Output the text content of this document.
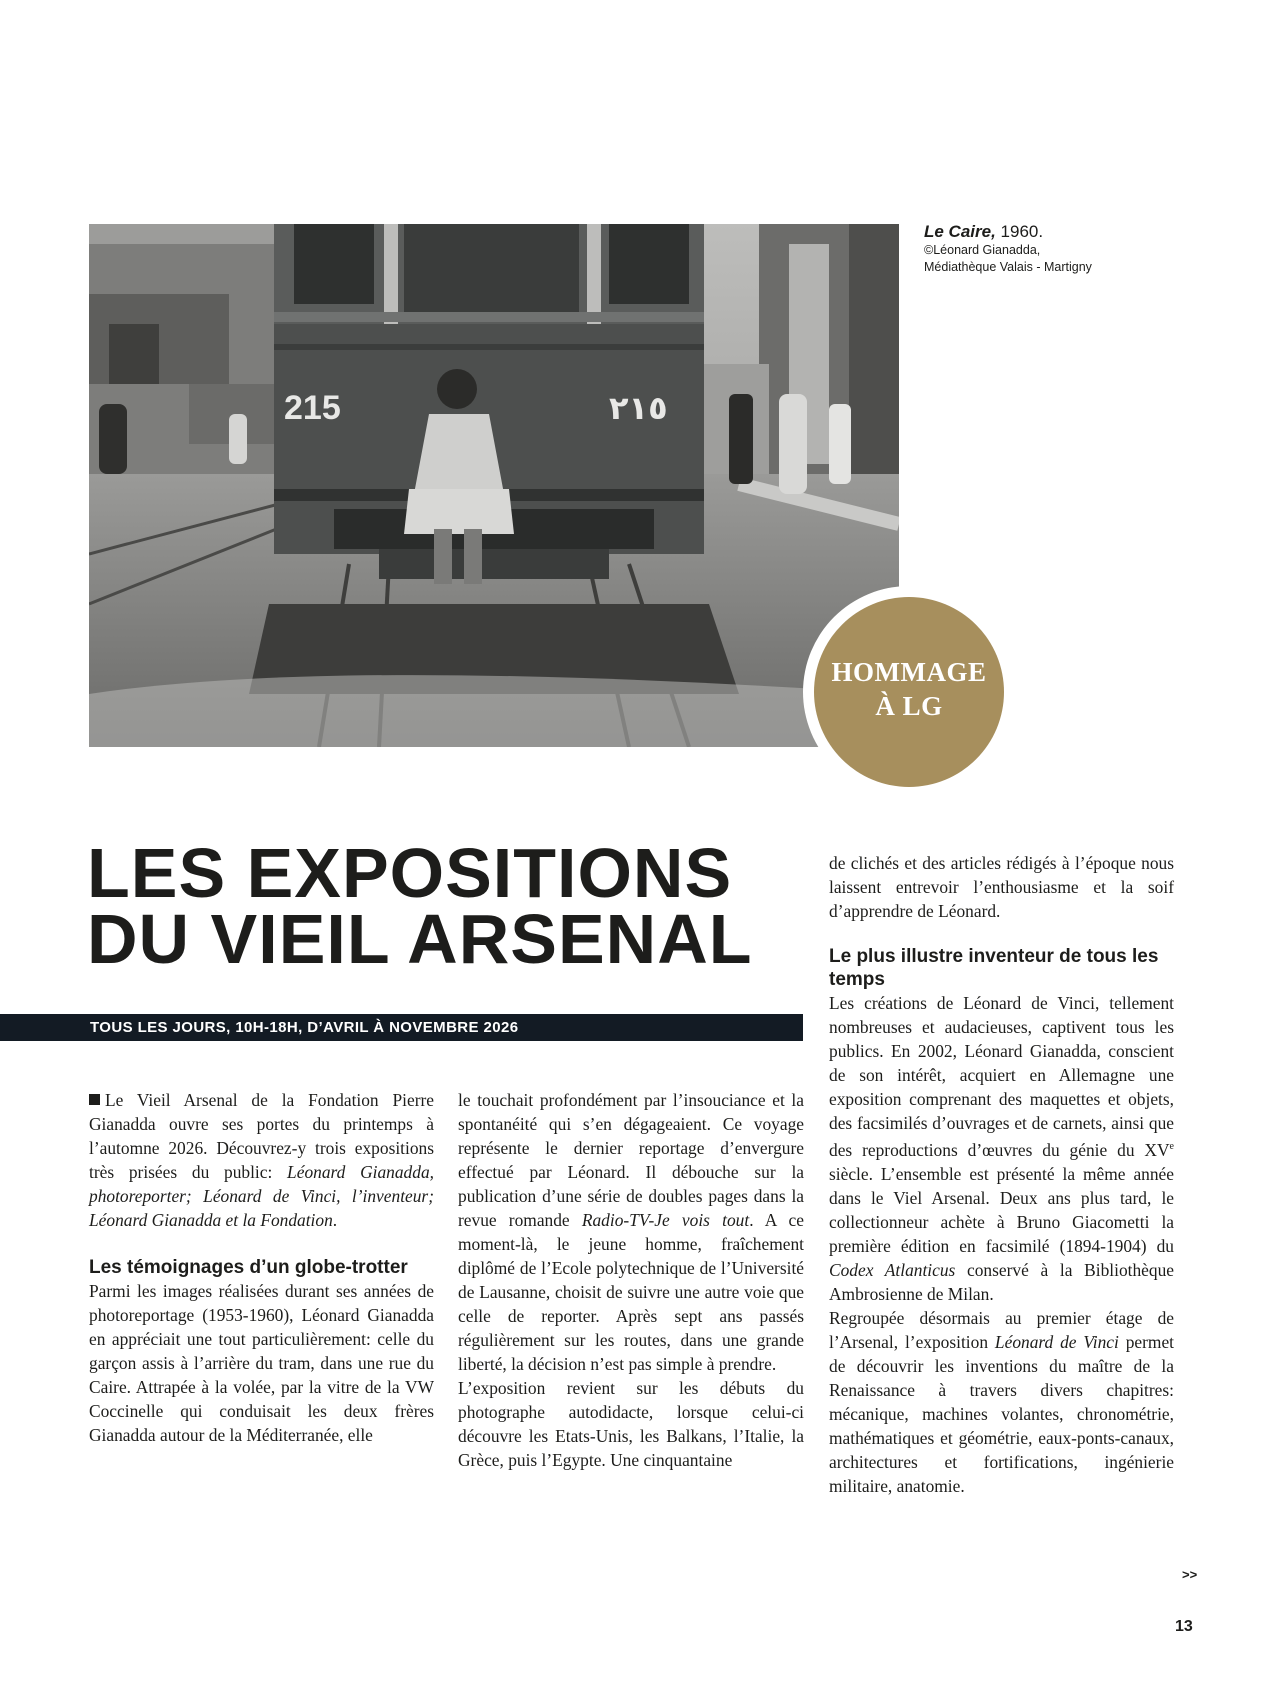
215	٢١٥
Le Caire, 1960.
©Léonard Gianadda,
Médiathèque Valais - Martigny
HOMMAGE
À LG
LES EXPOSITIONS
DU VIEIL ARSENAL
TOUS LES JOURS, 10H-18H, D’AVRIL À NOVEMBRE 2026

Le Vieil Arsenal de la Fondation Pierre Gianadda ouvre ses portes du printemps à l’automne 2026. Découvrez-y trois expositions très prisées du public: Léonard Gianadda, photoreporter; Léonard de Vinci, l’inventeur; Léonard Gianadda et la Fondation.

Les témoignages d’un globe-trotter

Parmi les images réalisées durant ses années de photoreportage (1953-1960), Léonard Gianadda en appréciait une tout particulièrement: celle du garçon assis à l’arrière du tram, dans une rue du Caire. Attrapée à la volée, par la vitre de la VW Coccinelle qui conduisait les deux frères Gianadda autour de la Méditerranée, elle

le touchait profondément par l’insouciance et la spontanéité qui s’en dégageaient. Ce voyage représente le dernier reportage d’envergure effectué par Léonard. Il débouche sur la publication d’une série de doubles pages dans la revue romande Radio-TV-Je vois tout. A ce moment-là, le jeune homme, fraîchement diplômé de l’Ecole polytechnique de l’Université de Lausanne, choisit de suivre une autre voie que celle de reporter. Après sept ans passés régulièrement sur les routes, dans une grande liberté, la décision n’est pas simple à prendre.

L’exposition revient sur les débuts du photographe autodidacte, lorsque celui-ci découvre les Etats-Unis, les Balkans, l’Italie, la Grèce, puis l’Egypte. Une cinquantaine

de clichés et des articles rédigés à l’époque nous laissent entrevoir l’enthousiasme et la soif d’apprendre de Léonard.

Le plus illustre inventeur de tous les temps

Les créations de Léonard de Vinci, tellement nombreuses et audacieuses, captivent tous les publics. En 2002, Léonard Gianadda, conscient de son intérêt, acquiert en Allemagne une exposition comprenant des maquettes et objets, des facsimilés d’ouvrages et de carnets, ainsi que des reproductions d’œuvres du génie du XVe siècle. L’ensemble est présenté la même année dans le Viel Arsenal. Deux ans plus tard, le collectionneur achète à Bruno Giacometti la première édition en facsimilé (1894-1904) du Codex Atlanticus conservé à la Bibliothèque Ambrosienne de Milan.

Regroupée désormais au premier étage de l’Arsenal, l’exposition Léonard de Vinci permet de découvrir les inventions du maître de la Renaissance à travers divers chapitres: mécanique, machines volantes, chronométrie, mathématiques et géométrie, eaux-ponts-canaux, architectures et fortifications, ingénierie militaire, anatomie.

>>
13
